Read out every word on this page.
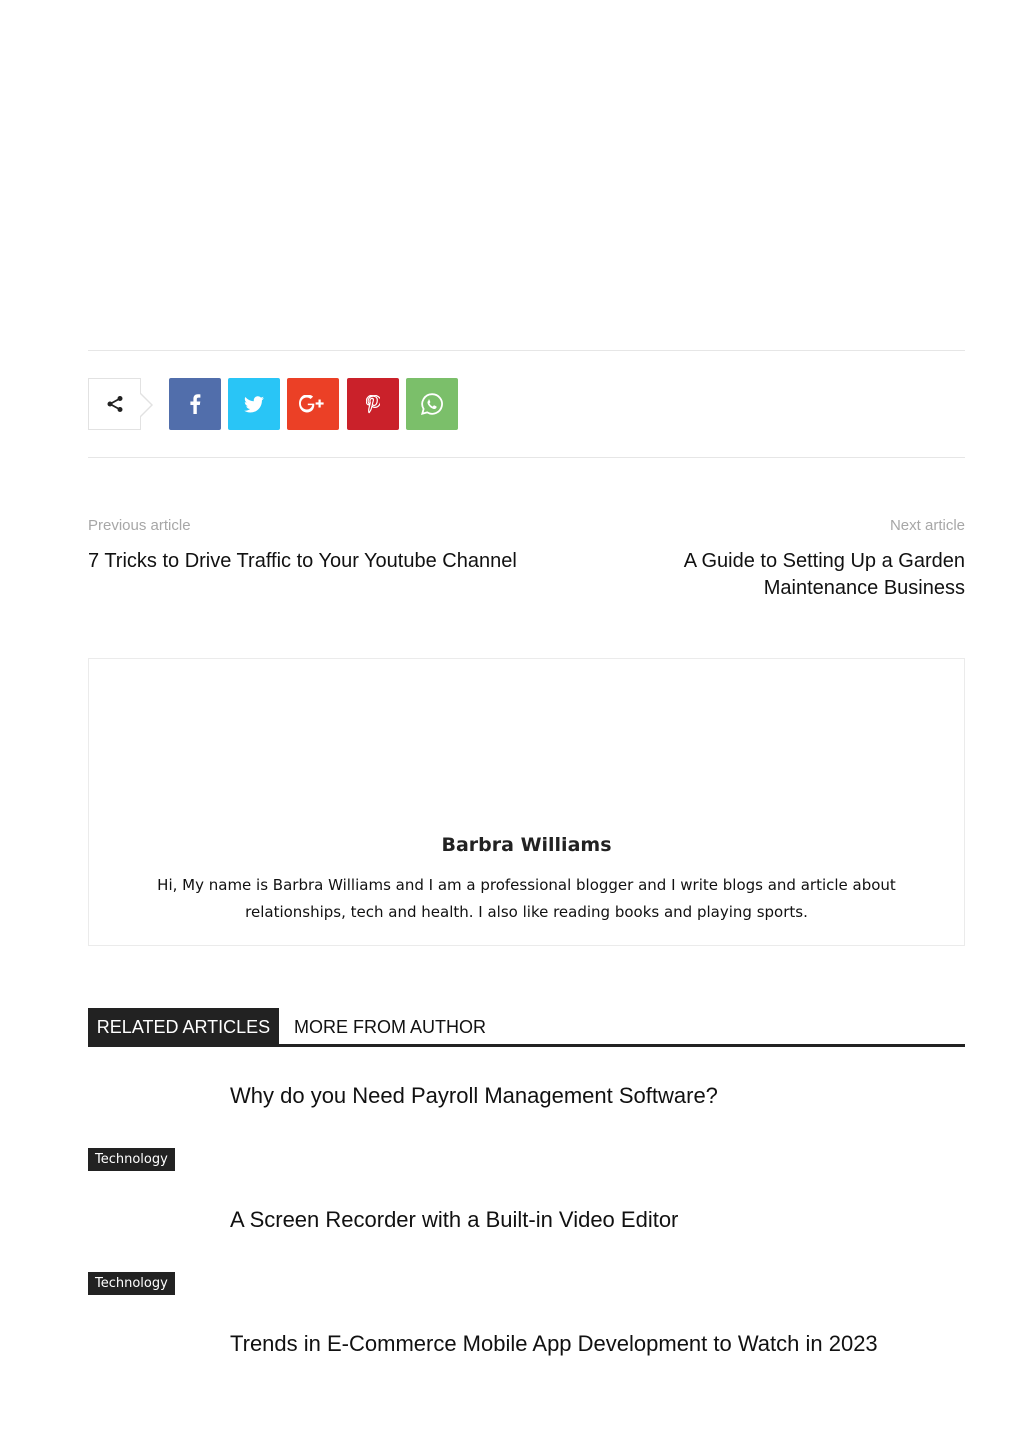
Previous article
7 Tricks to Drive Traffic to Your Youtube Channel
Next article
A Guide to Setting Up a Garden Maintenance Business
Barbra Williams
Hi, My name is Barbra Williams and I am a professional blogger and I write blogs and article about relationships, tech and health. I also like reading books and playing sports.
RELATED ARTICLES	MORE FROM AUTHOR
Why do you Need Payroll Management Software?
Technology
A Screen Recorder with a Built-in Video Editor
Technology
Trends in E-Commerce Mobile App Development to Watch in 2023
